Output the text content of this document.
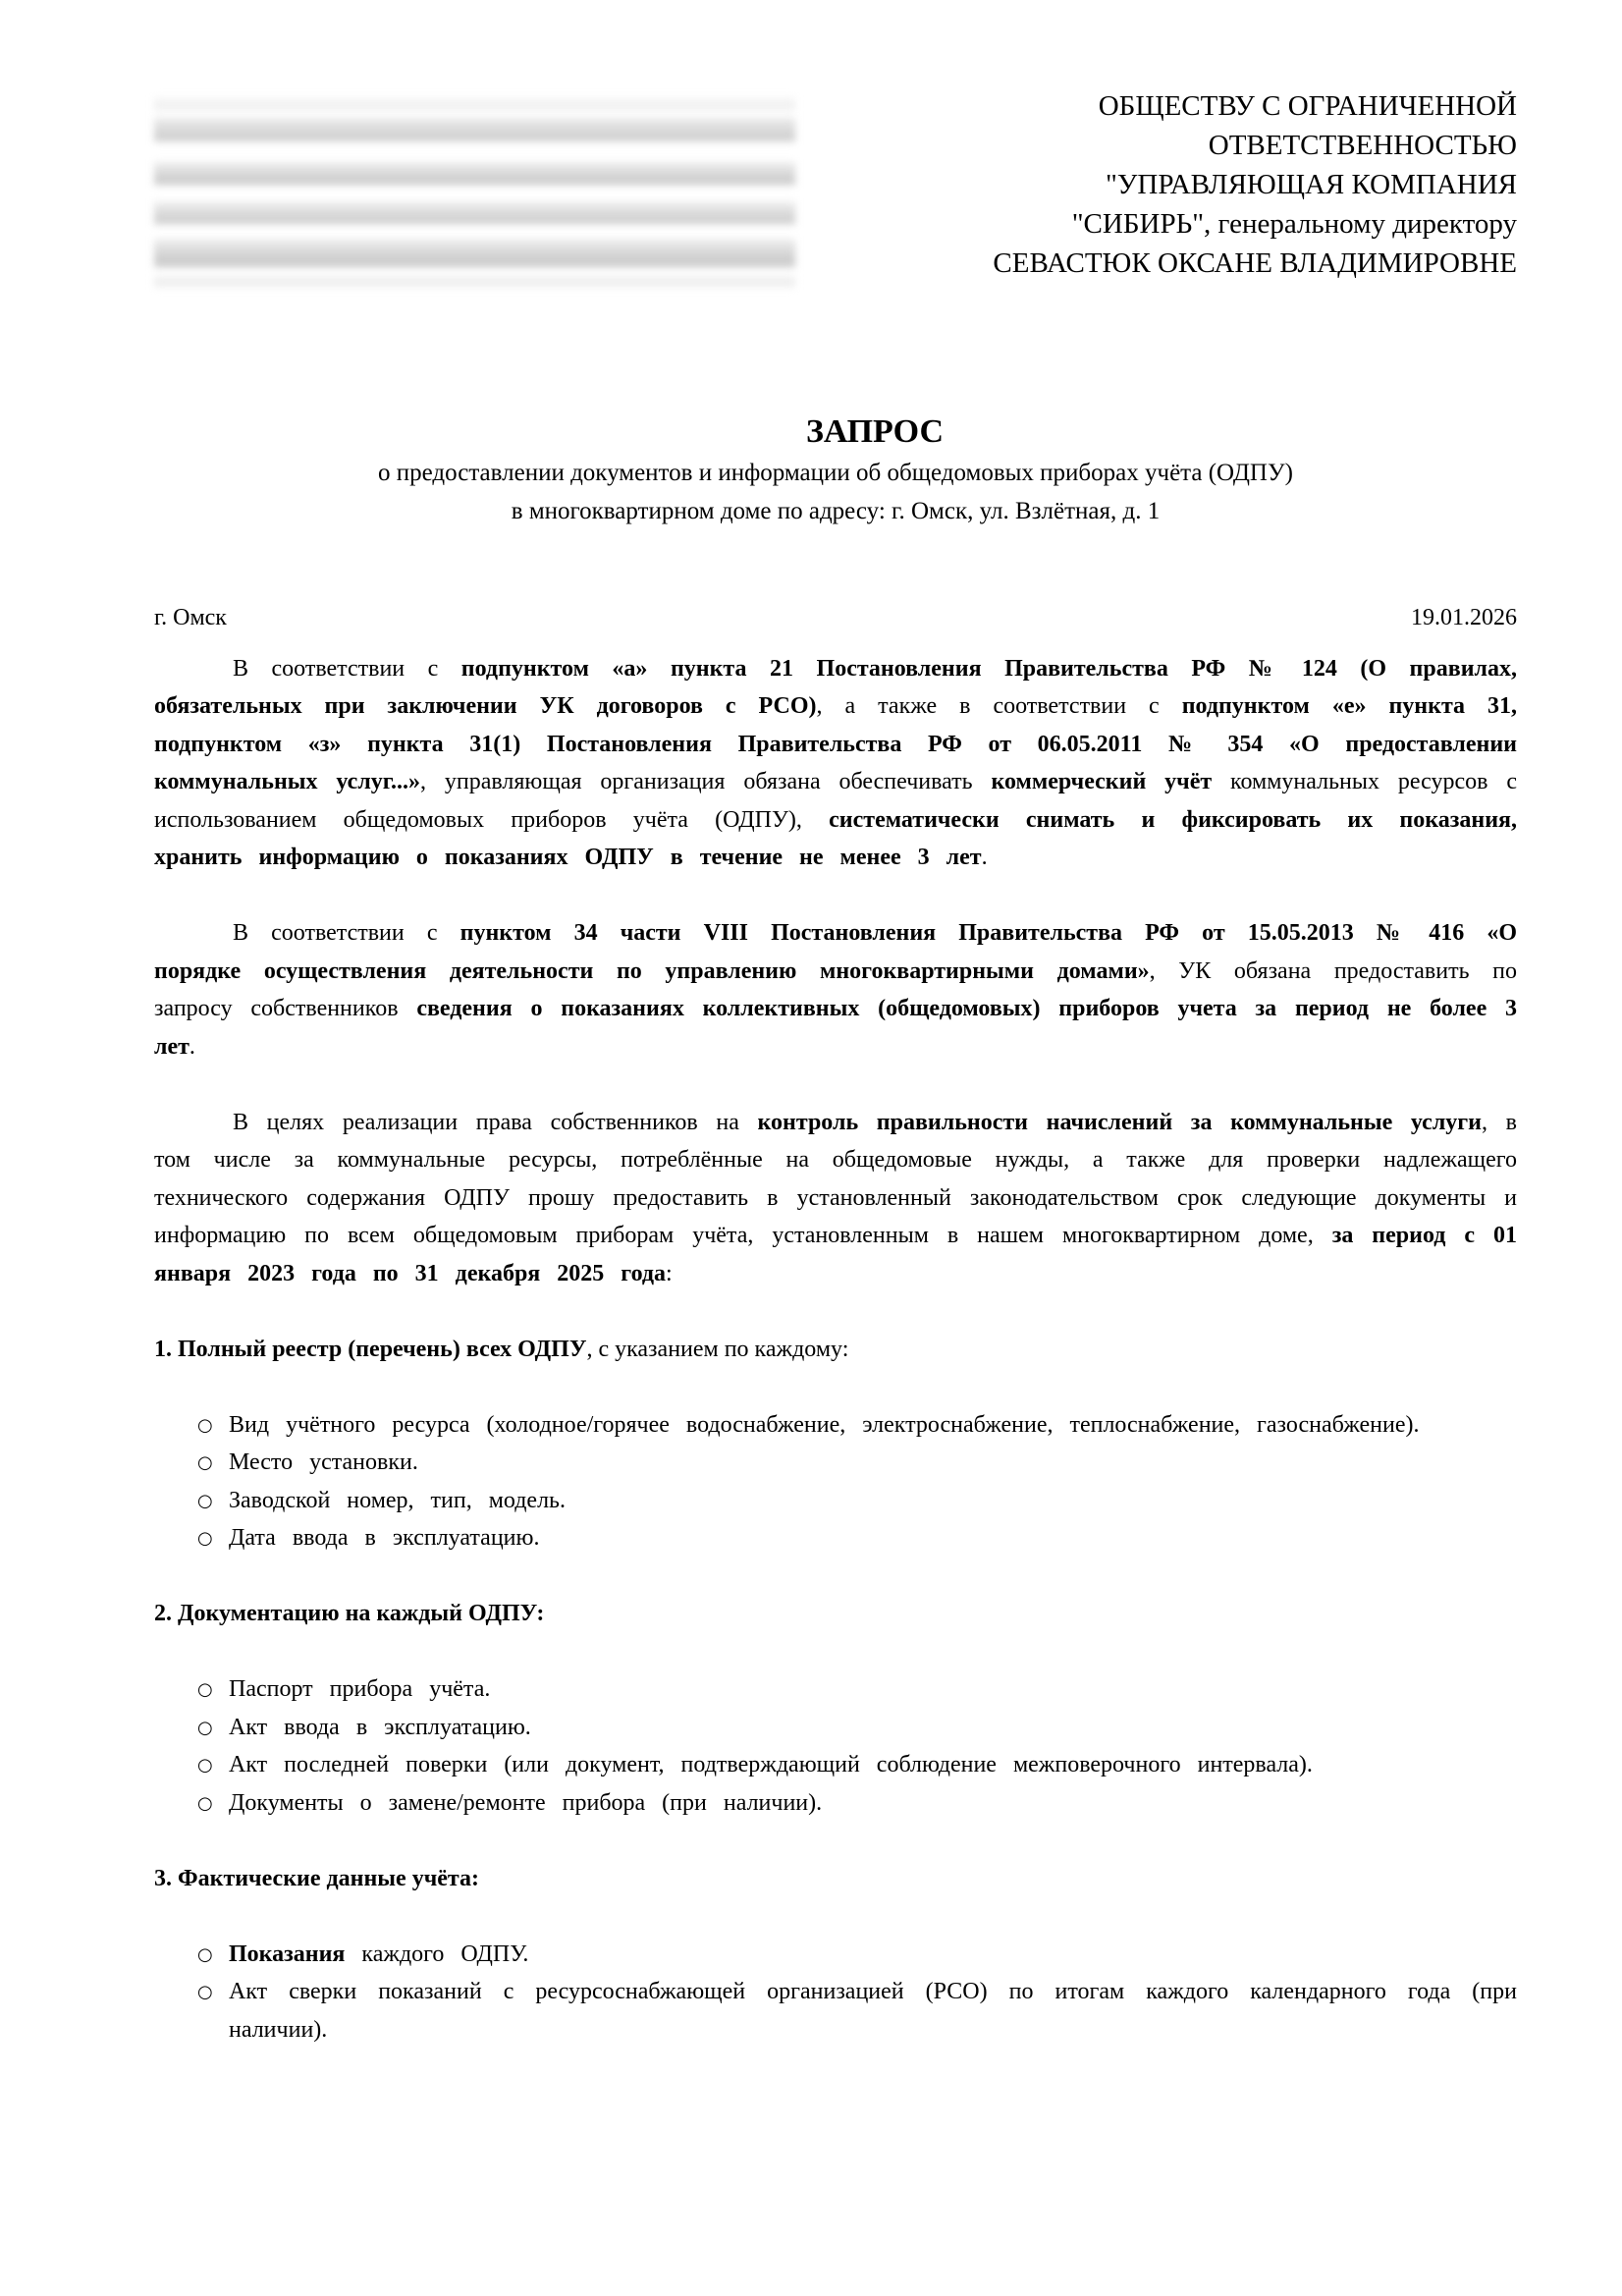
ОБЩЕСТВУ С ОГРАНИЧЕННОЙ
ОТВЕТСТВЕННОСТЬЮ
"УПРАВЛЯЮЩАЯ КОМПАНИЯ
"СИБИРЬ", генеральному директору
СЕВАСТЮК ОКСАНЕ ВЛАДИМИРОВНЕ
ЗАПРОС
о предоставлении документов и информации об общедомовых приборах учёта (ОДПУ)
в многоквартирном доме по адресу: г. Омск, ул. Взлётная, д. 1
г. Омск	19.01.2026

В соответствии с подпунктом «а» пункта 21 Постановления Правительства РФ № 124 (О правилах, обязательных при заключении УК договоров с РСО), а также в соответствии с подпунктом «е» пункта 31, подпунктом «з» пункта 31(1) Постановления Правительства РФ от 06.05.2011 № 354 «О предоставлении коммунальных услуг...», управляющая организация обязана обеспечивать коммерческий учёт коммунальных ресурсов с использованием общедомовых приборов учёта (ОДПУ), систематически снимать и фиксировать их показания, хранить информацию о показаниях ОДПУ в течение не менее 3 лет.

В соответствии с пунктом 34 части VIII Постановления Правительства РФ от 15.05.2013 № 416 «О порядке осуществления деятельности по управлению многоквартирными домами», УК обязана предоставить по запросу собственников сведения о показаниях коллективных (общедомовых) приборов учета за период не более 3 лет.

В целях реализации права собственников на контроль правильности начислений за коммунальные услуги, в том числе за коммунальные ресурсы, потреблённые на общедомовые нужды, а также для проверки надлежащего технического содержания ОДПУ прошу предоставить в установленный законодательством срок следующие документы и информацию по всем общедомовым приборам учёта, установленным в нашем многоквартирном доме, за период с 01 января 2023 года по 31 декабря 2025 года:

1. Полный реестр (перечень) всех ОДПУ, с указанием по каждому:
○ Вид учётного ресурса (холодное/горячее водоснабжение, электроснабжение, теплоснабжение, газоснабжение).
○ Место установки.
○ Заводской номер, тип, модель.
○ Дата ввода в эксплуатацию.
2. Документацию на каждый ОДПУ:
○ Паспорт прибора учёта.
○ Акт ввода в эксплуатацию.
○ Акт последней поверки (или документ, подтверждающий соблюдение межповерочного интервала).
○ Документы о замене/ремонте прибора (при наличии).
3. Фактические данные учёта:
○ Показания каждого ОДПУ.
○ Акт сверки показаний с ресурсоснабжающей организацией (РСО) по итогам каждого календарного года (при наличии).
